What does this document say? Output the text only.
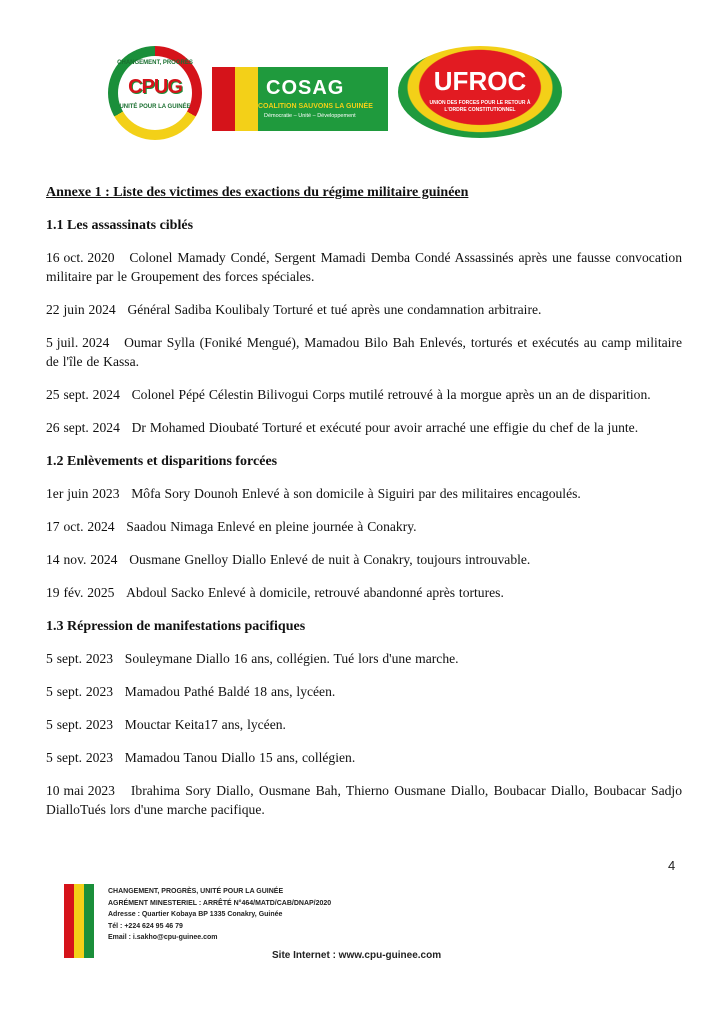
CHANGEMENT, PROGRÈS
CPUG
UNITÉ POUR LA GUINÉE
COSAG
COALITION SAUVONS LA GUINÉE
Démocratie – Unité – Développement
UFROC
UNION DES FORCES POUR LE RETOUR À L'ORDRE CONSTITUTIONNEL
Annexe 1 : Liste des victimes des exactions du régime militaire guinéen
1.1 Les assassinats ciblés
16 oct. 2020 Colonel Mamady Condé, Sergent Mamadi Demba Condé Assassinés après une fausse convocation militaire par le Groupement des forces spéciales.
22 juin 2024 Général Sadiba Koulibaly Torturé et tué après une condamnation arbitraire.
5 juil. 2024 Oumar Sylla (Foniké Mengué), Mamadou Bilo Bah Enlevés, torturés et exécutés au camp militaire de l'île de Kassa.
25 sept. 2024 Colonel Pépé Célestin Bilivogui Corps mutilé retrouvé à la morgue après un an de disparition.
26 sept. 2024 Dr Mohamed Dioubaté Torturé et exécuté pour avoir arraché une effigie du chef de la junte.
1.2 Enlèvements et disparitions forcées
1er juin 2023 Môfa Sory Dounoh Enlevé à son domicile à Siguiri par des militaires encagoulés.
17 oct. 2024 Saadou Nimaga Enlevé en pleine journée à Conakry.
14 nov. 2024 Ousmane Gnelloy Diallo Enlevé de nuit à Conakry, toujours introuvable.
19 fév. 2025 Abdoul Sacko Enlevé à domicile, retrouvé abandonné après tortures.
1.3 Répression de manifestations pacifiques
5 sept. 2023 Souleymane Diallo 16 ans, collégien. Tué lors d'une marche.
5 sept. 2023 Mamadou Pathé Baldé 18 ans, lycéen.
5 sept. 2023 Mouctar Keita17 ans, lycéen.
5 sept. 2023 Mamadou Tanou Diallo 15 ans, collégien.
10 mai 2023 Ibrahima Sory Diallo, Ousmane Bah, Thierno Ousmane Diallo, Boubacar Diallo, Boubacar Sadjo DialloTués lors d'une marche pacifique.
4
CHANGEMENT, PROGRÈS, UNITÉ POUR LA GUINÉE
AGRÉMENT MINESTERIEL : ARRÊTÉ N°464/MATD/CAB/DNAP/2020
Adresse : Quartier Kobaya BP 1335 Conakry, Guinée
Tél : +224 624 95 46 79
Email : i.sakho@cpu-guinee.com
Site Internet : www.cpu-guinee.com
